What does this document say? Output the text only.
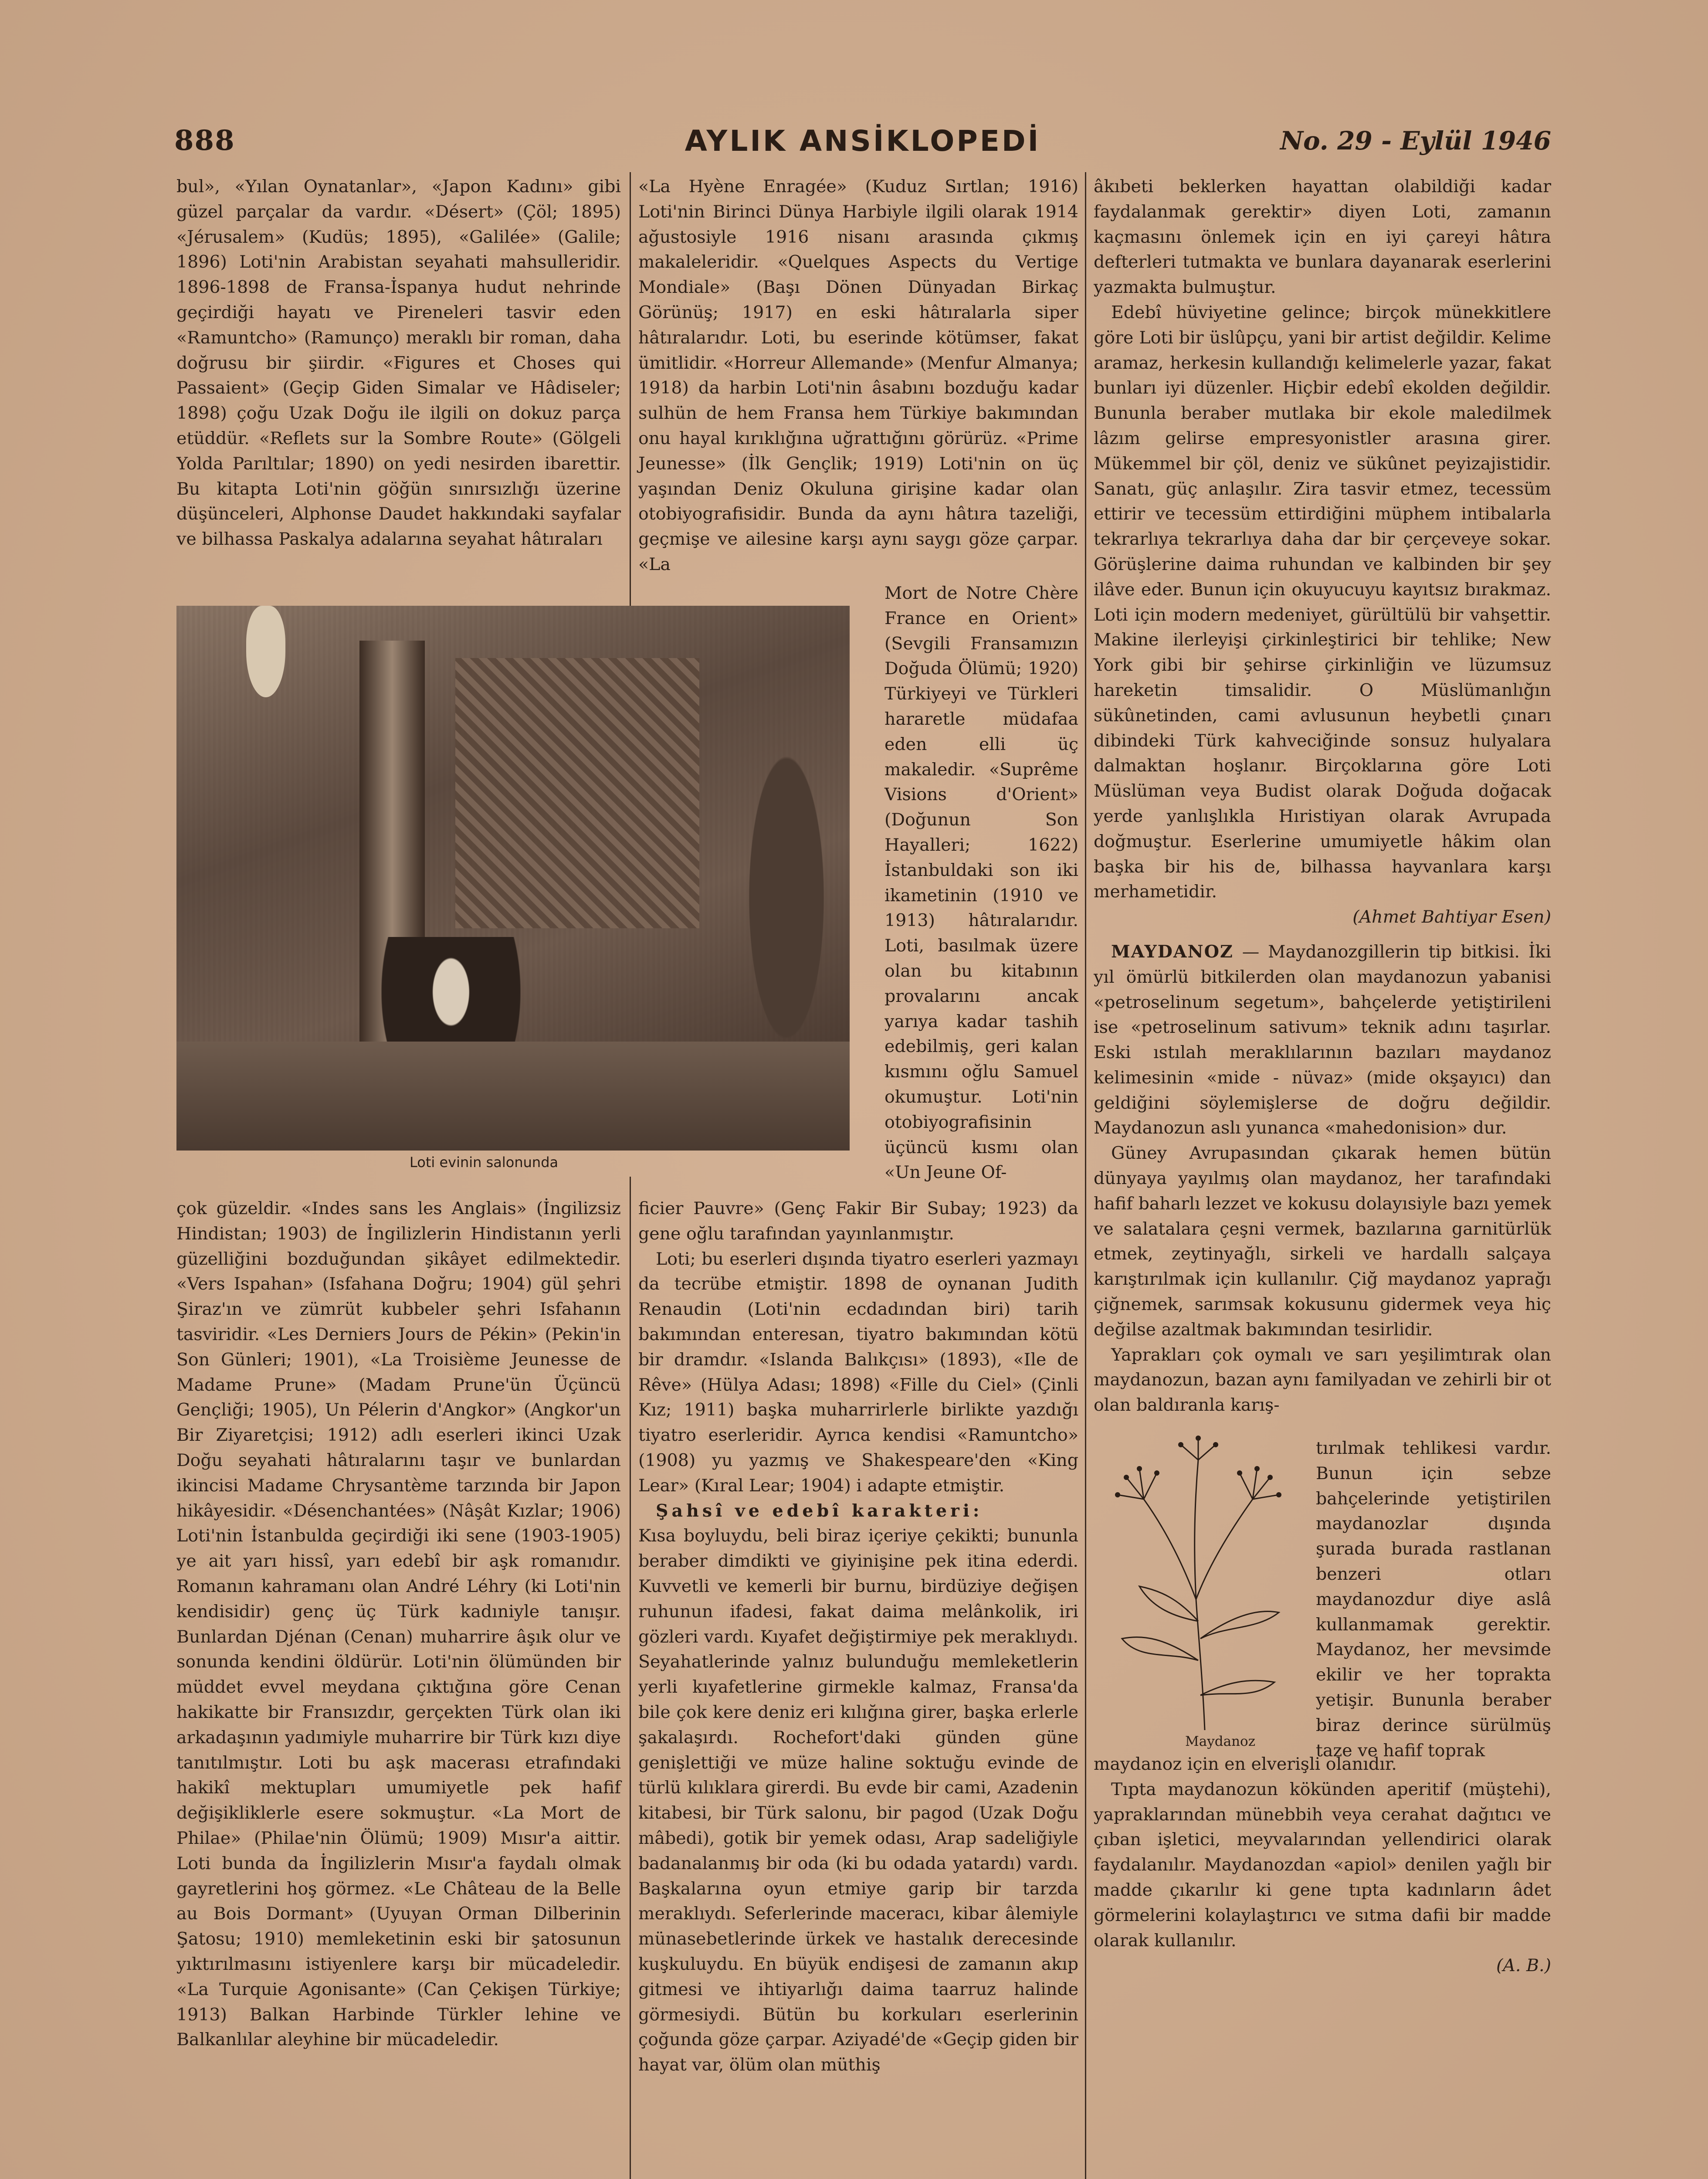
888	AYLIK ANSİKLOPEDİ	No. 29 - Eylül 1946

bul», «Yılan Oynatanlar», «Japon Kadını» gibi güzel parçalar da vardır. «Désert» (Çöl; 1895) «Jérusalem» (Kudüs; 1895), «Galilée» (Galile; 1896) Loti'nin Arabistan seyahati mahsulleridir. 1896-1898 de Fransa-İspanya hudut nehrinde geçirdiği hayatı ve Pireneleri tasvir eden «Ramuntcho» (Ramunço) meraklı bir roman, daha doğrusu bir şiirdir. «Figures et Choses qui Passaient» (Geçip Giden Simalar ve Hâdiseler; 1898) çoğu Uzak Doğu ile ilgili on dokuz parça etüddür. «Reflets sur la Sombre Route» (Gölgeli Yolda Parıltılar; 1890) on yedi nesirden ibarettir. Bu kitapta Loti'nin göğün sınırsızlığı üzerine düşünceleri, Alphonse Daudet hakkındaki sayfalar ve bilhassa Paskalya adalarına seyahat hâtıraları

Loti evinin salonunda

çok güzeldir. «Indes sans les Anglais» (İngilizsiz Hindistan; 1903) de İngilizlerin Hindistanın yerli güzelliğini bozduğundan şikâyet edilmektedir. «Vers Ispahan» (Isfahana Doğru; 1904) gül şehri Şiraz'ın ve zümrüt kubbeler şehri Isfahanın tasviridir. «Les Derniers Jours de Pékin» (Pekin'in Son Günleri; 1901), «La Troisième Jeunesse de Madame Prune» (Madam Prune'ün Üçüncü Gençliği; 1905), Un Pélerin d'Angkor» (Angkor'un Bir Ziyaretçisi; 1912) adlı eserleri ikinci Uzak Doğu seyahati hâtıralarını taşır ve bunlardan ikincisi Madame Chrysantème tarzında bir Japon hikâyesidir. «Désenchantées» (Nâşât Kızlar; 1906) Loti'nin İstanbulda geçirdiği iki sene (1903-1905) ye ait yarı hissî, yarı edebî bir aşk romanıdır. Romanın kahramanı olan André Léhry (ki Loti'nin kendisidir) genç üç Türk kadıniyle tanışır. Bunlardan Djénan (Cenan) muharrire âşık olur ve sonunda kendini öldürür. Loti'nin ölümünden bir müddet evvel meydana çıktığına göre Cenan hakikatte bir Fransızdır, gerçekten Türk olan iki arkadaşının yadımiyle muharrire bir Türk kızı diye tanıtılmıştır. Loti bu aşk macerası etrafındaki hakikî mektupları umumiyetle pek hafif değişikliklerle esere sokmuştur. «La Mort de Philae» (Philae'nin Ölümü; 1909) Mısır'a aittir. Loti bunda da İngilizlerin Mısır'a faydalı olmak gayretlerini hoş görmez. «Le Château de la Belle au Bois Dormant» (Uyuyan Orman Dilberinin Şatosu; 1910) memleketinin eski bir şatosunun yıktırılmasını istiyenlere karşı bir mücadeledir. «La Turquie Agonisante» (Can Çekişen Türkiye; 1913) Balkan Harbinde Türkler lehine ve Balkanlılar aleyhine bir mücadeledir.

«La Hyène Enragée» (Kuduz Sırtlan; 1916) Loti'nin Birinci Dünya Harbiyle ilgili olarak 1914 ağustosiyle 1916 nisanı arasında çıkmış makaleleridir. «Quelques Aspects du Vertige Mondiale» (Başı Dönen Dünyadan Birkaç Görünüş; 1917) en eski hâtıralarla siper hâtıralarıdır. Loti, bu eserinde kötümser, fakat ümitlidir. «Horreur Allemande» (Menfur Almanya; 1918) da harbin Loti'nin âsabını bozduğu kadar sulhün de hem Fransa hem Türkiye bakımından onu hayal kırıklığına uğrattığını görürüz. «Prime Jeunesse» (İlk Gençlik; 1919) Loti'nin on üç yaşından Deniz Okuluna girişine kadar olan otobiyografisidir. Bunda da aynı hâtıra tazeliği, geçmişe ve ailesine karşı aynı saygı göze çarpar. «La

Mort de Notre Chère France en Orient» (Sevgili Fransamızın Doğuda Ölümü; 1920) Türkiyeyi ve Türkleri hararetle müdafaa eden elli üç makaledir. «Suprême Visions d'Orient» (Doğunun Son Hayalleri; 1622) İstanbuldaki son iki ikametinin (1910 ve 1913) hâtıralarıdır. Loti, basılmak üzere olan bu kitabının provalarını ancak yarıya kadar tashih edebilmiş, geri kalan kısmını oğlu Samuel okumuştur. Loti'nin otobiyografisinin üçüncü kısmı olan «Un Jeune Of-

ficier Pauvre» (Genç Fakir Bir Subay; 1923) da gene oğlu tarafından yayınlanmıştır.

Loti; bu eserleri dışında tiyatro eserleri yazmayı da tecrübe etmiştir. 1898 de oynanan Judith Renaudin (Loti'nin ecdadından biri) tarih bakımından enteresan, tiyatro bakımından kötü bir dramdır. «Islanda Balıkçısı» (1893), «Ile de Rêve» (Hülya Adası; 1898) «Fille du Ciel» (Çinli Kız; 1911) başka muharrirlerle birlikte yazdığı tiyatro eserleridir. Ayrıca kendisi «Ramuntcho» (1908) yu yazmış ve Shakespeare'den «King Lear» (Kıral Lear; 1904) i adapte etmiştir.

Şahsî ve edebî karakteri:

Kısa boyluydu, beli biraz içeriye çekikti; bununla beraber dimdikti ve giyinişine pek itina ederdi. Kuvvetli ve kemerli bir burnu, birdüziye değişen ruhunun ifadesi, fakat daima melânkolik, iri gözleri vardı. Kıyafet değiştirmiye pek meraklıydı. Seyahatlerinde yalnız bulunduğu memleketlerin yerli kıyafetlerine girmekle kalmaz, Fransa'da bile çok kere deniz eri kılığına girer, başka erlerle şakalaşırdı. Rochefort'daki günden güne genişlettiği ve müze haline soktuğu evinde de türlü kılıklara girerdi. Bu evde bir cami, Azadenin kitabesi, bir Türk salonu, bir pagod (Uzak Doğu mâbedi), gotik bir yemek odası, Arap sadeliğiyle badanalanmış bir oda (ki bu odada yatardı) vardı. Başkalarına oyun etmiye garip bir tarzda meraklıydı. Seferlerinde maceracı, kibar âlemiyle münasebetlerinde ürkek ve hastalık derecesinde kuşkuluydu. En büyük endişesi de zamanın akıp gitmesi ve ihtiyarlığı daima taarruz halinde görmesiydi. Bütün bu korkuları eserlerinin çoğunda göze çarpar. Aziyadé'de «Geçip giden bir hayat var, ölüm olan müthiş

âkıbeti beklerken hayattan olabildiği kadar faydalanmak gerektir» diyen Loti, zamanın kaçmasını önlemek için en iyi çareyi hâtıra defterleri tutmakta ve bunlara dayanarak eserlerini yazmakta bulmuştur.

Edebî hüviyetine gelince; birçok münekkitlere göre Loti bir üslûpçu, yani bir artist değildir. Kelime aramaz, herkesin kullandığı kelimelerle yazar, fakat bunları iyi düzenler. Hiçbir edebî ekolden değildir. Bununla beraber mutlaka bir ekole maledilmek lâzım gelirse empresyonistler arasına girer. Mükemmel bir çöl, deniz ve sükûnet peyizajistidir. Sanatı, güç anlaşılır. Zira tasvir etmez, tecessüm ettirir ve tecessüm ettirdiğini müphem intibalarla tekrarlıya tekrarlıya daha dar bir çerçeveye sokar. Görüşlerine daima ruhundan ve kalbinden bir şey ilâve eder. Bunun için okuyucuyu kayıtsız bırakmaz. Loti için modern medeniyet, gürültülü bir vahşettir. Makine ilerleyişi çirkinleştirici bir tehlike; New York gibi bir şehirse çirkinliğin ve lüzumsuz hareketin timsalidir. O Müslümanlığın sükûnetinden, cami avlusunun heybetli çınarı dibindeki Türk kahveciğinde sonsuz hulyalara dalmaktan hoşlanır. Birçoklarına göre Loti Müslüman veya Budist olarak Doğuda doğacak yerde yanlışlıkla Hıristiyan olarak Avrupada doğmuştur. Eserlerine umumiyetle hâkim olan başka bir his de, bilhassa hayvanlara karşı merhametidir.

(Ahmet Bahtiyar Esen)

MAYDANOZ — Maydanozgillerin tip bitkisi. İki yıl ömürlü bitkilerden olan maydanozun yabanisi «petroselinum segetum», bahçelerde yetiştirileni ise «petroselinum sativum» teknik adını taşırlar. Eski ıstılah meraklılarının bazıları maydanoz kelimesinin «mide - nüvaz» (mide okşayıcı) dan geldiğini söylemişlerse de doğru değildir. Maydanozun aslı yunanca «mahedonision» dur.

Güney Avrupasından çıkarak hemen bütün dünyaya yayılmış olan maydanoz, her tarafındaki hafif baharlı lezzet ve kokusu dolayısiyle bazı yemek ve salatalara çeşni vermek, bazılarına garnitürlük etmek, zeytinyağlı, sirkeli ve hardallı salçaya karıştırılmak için kullanılır. Çiğ maydanoz yaprağı çiğnemek, sarımsak kokusunu gidermek veya hiç değilse azaltmak bakımından tesirlidir.

Yaprakları çok oymalı ve sarı yeşilimtırak olan maydanozun, bazan aynı familyadan ve zehirli bir ot olan baldıranla karış-

Maydanoz

tırılmak tehlikesi vardır. Bunun için sebze bahçelerinde yetiştirilen maydanozlar dışında şurada burada rastlanan benzeri otları maydanozdur diye aslâ kullanmamak gerektir. Maydanoz, her mevsimde ekilir ve her toprakta yetişir. Bununla beraber biraz derince sürülmüş taze ve hafif toprak

maydanoz için en elverişli olanıdır.

Tıpta maydanozun kökünden aperitif (müştehi), yapraklarından münebbih veya cerahat dağıtıcı ve çıban işletici, meyvalarından yellendirici olarak faydalanılır. Maydanozdan «apiol» denilen yağlı bir madde çıkarılır ki gene tıpta kadınların âdet görmelerini kolaylaştırıcı ve sıtma dafii bir madde olarak kullanılır.

(A. B.)
